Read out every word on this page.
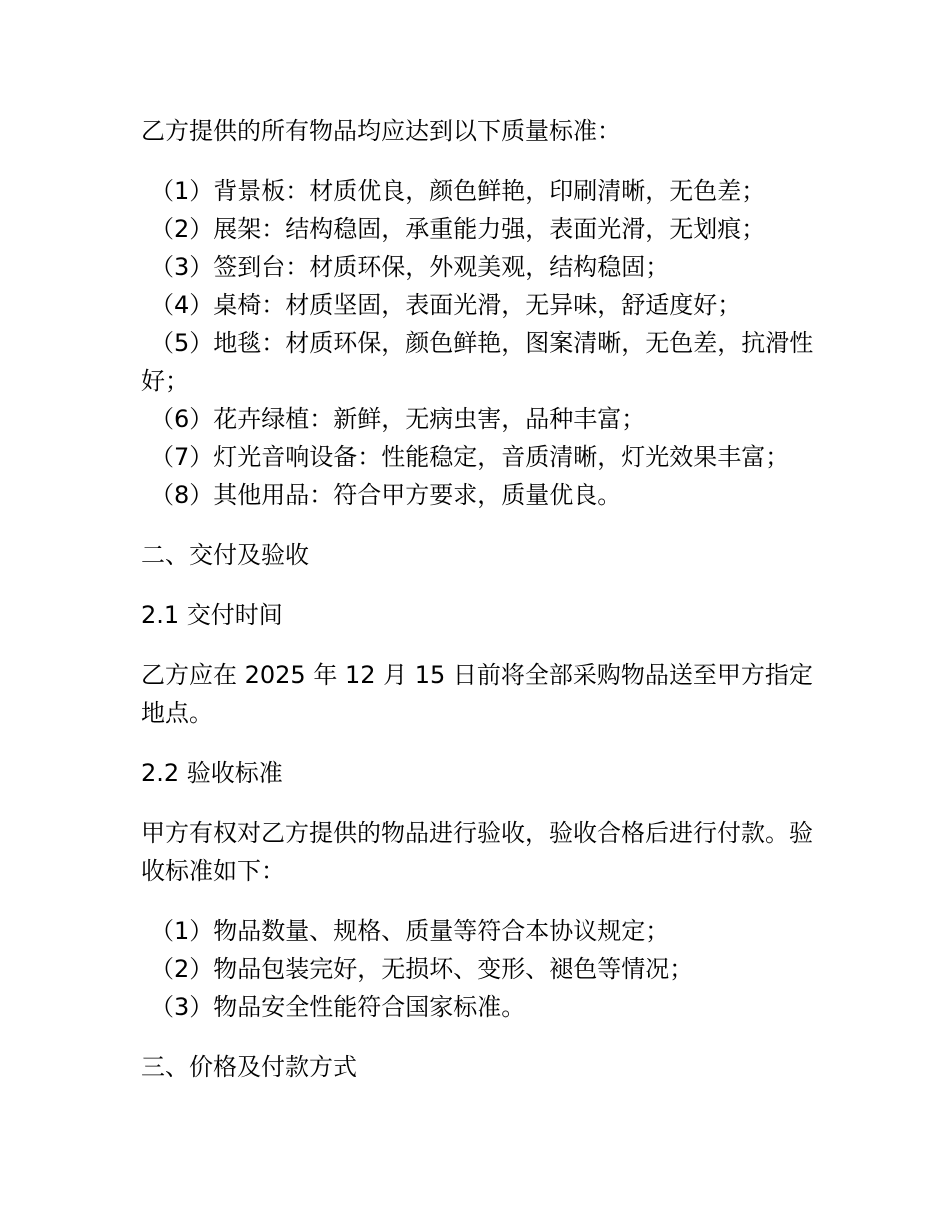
乙方提供的所有物品均应达到以下质量标准：

（1）背景板：材质优良，颜色鲜艳，印刷清晰，无色差；
（2）展架：结构稳固，承重能力强，表面光滑，无划痕；
（3）签到台：材质环保，外观美观，结构稳固；
（4）桌椅：材质坚固，表面光滑，无异味，舒适度好；
（5）地毯：材质环保，颜色鲜艳，图案清晰，无色差，抗滑性好；
（6）花卉绿植：新鲜，无病虫害，品种丰富；
（7）灯光音响设备：性能稳定，音质清晰，灯光效果丰富；
（8）其他用品：符合甲方要求，质量优良。

二、交付及验收

2.1 交付时间

乙方应在 2025 年 12 月 15 日前将全部采购物品送至甲方指定地点。

2.2 验收标准

甲方有权对乙方提供的物品进行验收，验收合格后进行付款。验收标准如下：

（1）物品数量、规格、质量等符合本协议规定；
（2）物品包装完好，无损坏、变形、褪色等情况；
（3）物品安全性能符合国家标准。

三、价格及付款方式
